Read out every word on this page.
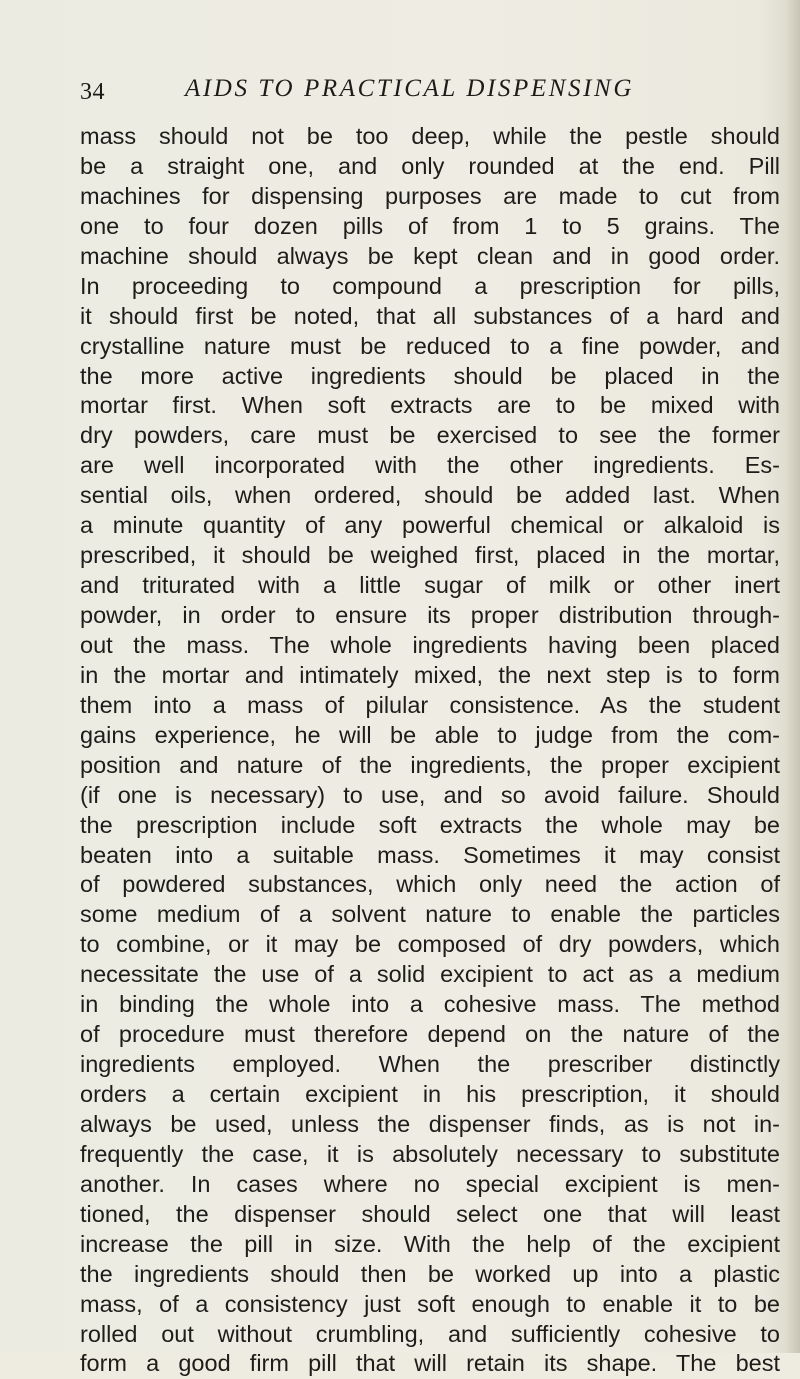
34	AIDS TO PRACTICAL DISPENSING
mass should not be too deep, while the pestle should
be a straight one, and only rounded at the end. Pill
machines for dispensing purposes are made to cut from
one to four dozen pills of from 1 to 5 grains. The
machine should always be kept clean and in good order.
In proceeding to compound a prescription for pills,
it should first be noted, that all substances of a hard and
crystalline nature must be reduced to a fine powder, and
the more active ingredients should be placed in the
mortar first. When soft extracts are to be mixed with
dry powders, care must be exercised to see the former
are well incorporated with the other ingredients. Es-
sential oils, when ordered, should be added last. When
a minute quantity of any powerful chemical or alkaloid is
prescribed, it should be weighed first, placed in the mortar,
and triturated with a little sugar of milk or other inert
powder, in order to ensure its proper distribution through-
out the mass. The whole ingredients having been placed
in the mortar and intimately mixed, the next step is to form
them into a mass of pilular consistence. As the student
gains experience, he will be able to judge from the com-
position and nature of the ingredients, the proper excipient
(if one is necessary) to use, and so avoid failure. Should
the prescription include soft extracts the whole may be
beaten into a suitable mass. Sometimes it may consist
of powdered substances, which only need the action of
some medium of a solvent nature to enable the particles
to combine, or it may be composed of dry powders, which
necessitate the use of a solid excipient to act as a medium
in binding the whole into a cohesive mass. The method
of procedure must therefore depend on the nature of the
ingredients employed. When the prescriber distinctly
orders a certain excipient in his prescription, it should
always be used, unless the dispenser finds, as is not in-
frequently the case, it is absolutely necessary to substitute
another. In cases where no special excipient is men-
tioned, the dispenser should select one that will least
increase the pill in size. With the help of the excipient
the ingredients should then be worked up into a plastic
mass, of a consistency just soft enough to enable it to be
rolled out without crumbling, and sufficiently cohesive to
form a good firm pill that will retain its shape. The best
